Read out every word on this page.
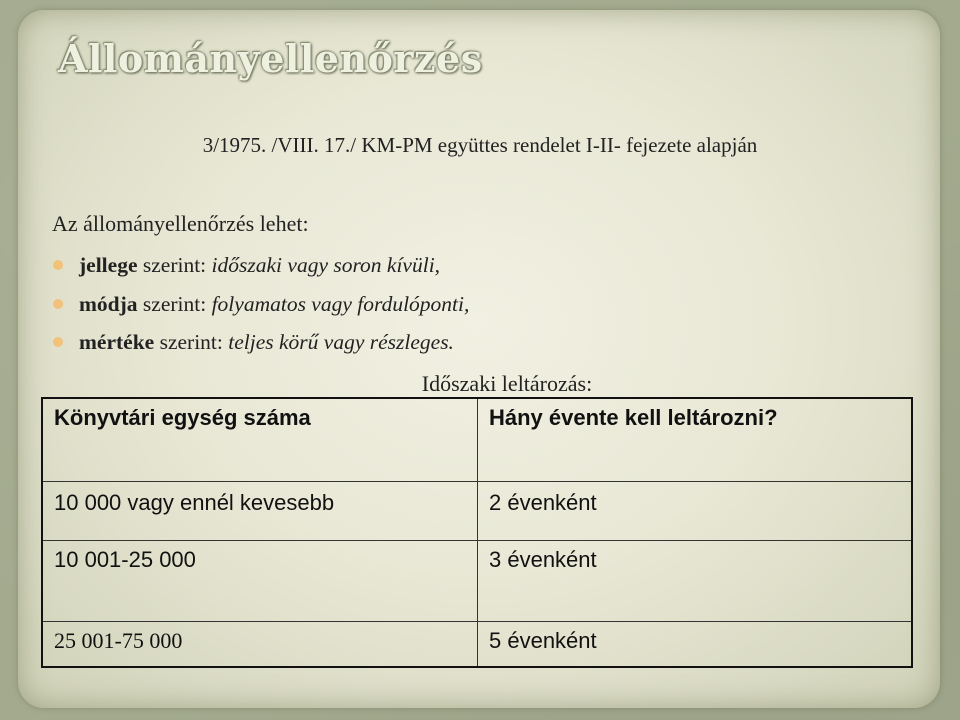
Állományellenőrzés
3/1975. /VIII. 17./ KM-PM együttes rendelet I-II- fejezete alapján
Az állományellenőrzés lehet:
jellege szerint: időszaki vagy soron kívüli,
módja szerint: folyamatos vagy fordulóponti,
mértéke szerint: teljes körű vagy részleges.
Időszaki leltározás:
Könyvtári egység száma	Hány évente kell leltározni?
10 000 vagy ennél kevesebb	2 évenként
10 001-25 000	3 évenként
25 001-75 000	5 évenként
